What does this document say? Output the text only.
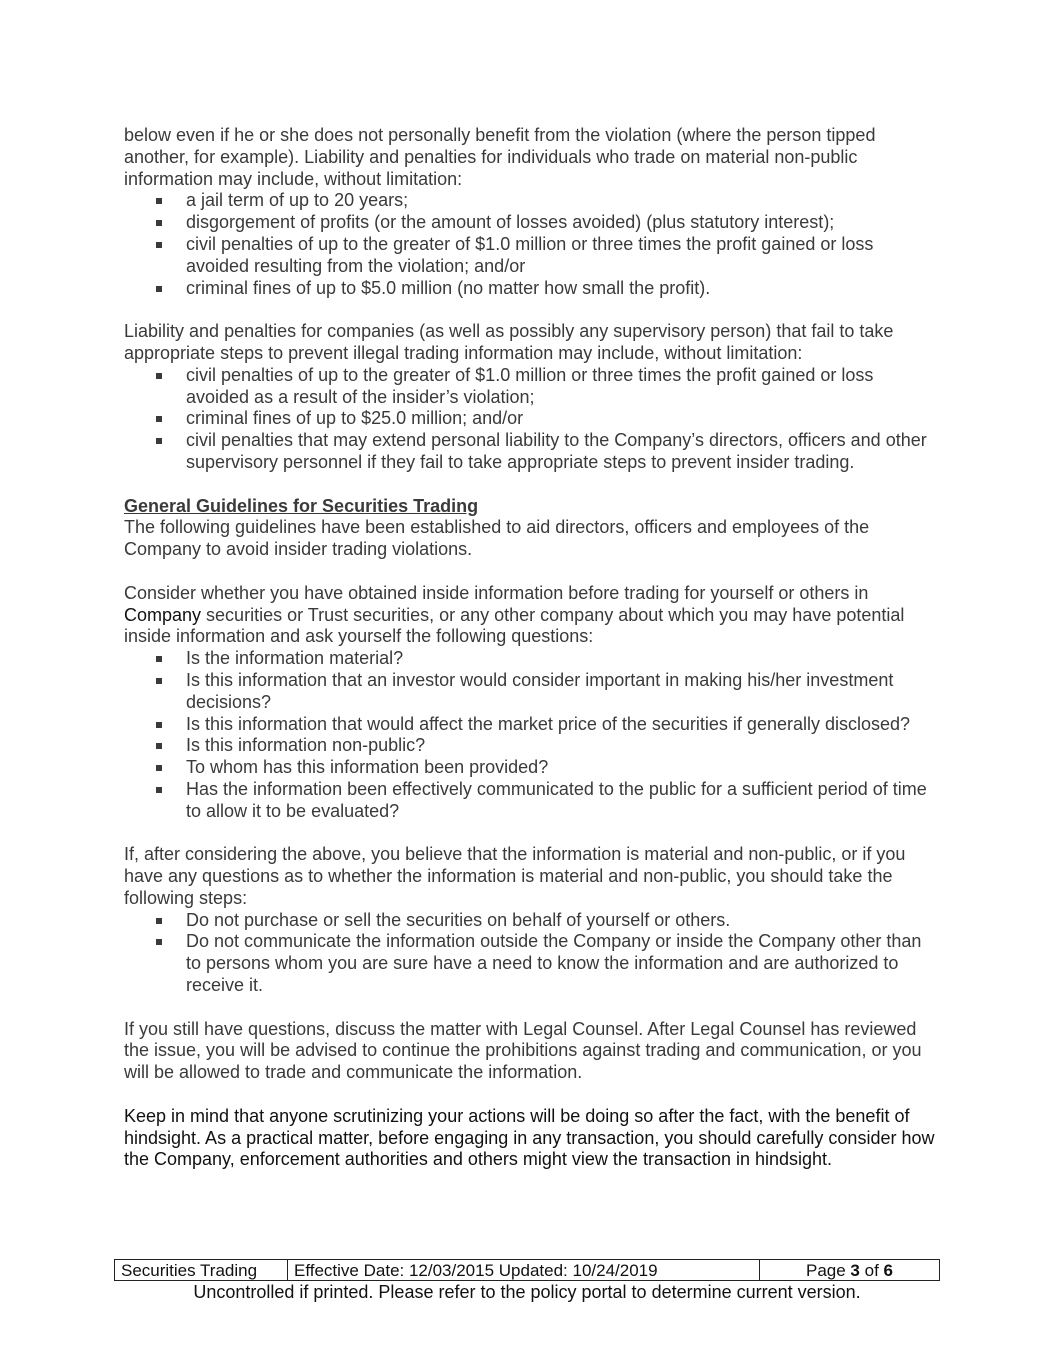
below even if he or she does not personally benefit from the violation (where the person tipped another, for example). Liability and penalties for individuals who trade on material non-public information may include, without limitation:

a jail term of up to 20 years;
disgorgement of profits (or the amount of losses avoided) (plus statutory interest);
civil penalties of up to the greater of $1.0 million or three times the profit gained or loss avoided resulting from the violation; and/or
criminal fines of up to $5.0 million (no matter how small the profit).

Liability and penalties for companies (as well as possibly any supervisory person) that fail to take appropriate steps to prevent illegal trading information may include, without limitation:

civil penalties of up to the greater of $1.0 million or three times the profit gained or loss avoided as a result of the insider’s violation;
criminal fines of up to $25.0 million; and/or
civil penalties that may extend personal liability to the Company’s directors, officers and other supervisory personnel if they fail to take appropriate steps to prevent insider trading.

General Guidelines for Securities Trading

The following guidelines have been established to aid directors, officers and employees of the Company to avoid insider trading violations.

Consider whether you have obtained inside information before trading for yourself or others in Company securities or Trust securities, or any other company about which you may have potential inside information and ask yourself the following questions:

Is the information material?
Is this information that an investor would consider important in making his/her investment decisions?
Is this information that would affect the market price of the securities if generally disclosed?
Is this information non-public?
To whom has this information been provided?
Has the information been effectively communicated to the public for a sufficient period of time to allow it to be evaluated?

If, after considering the above, you believe that the information is material and non-public, or if you have any questions as to whether the information is material and non-public, you should take the following steps:

Do not purchase or sell the securities on behalf of yourself or others.
Do not communicate the information outside the Company or inside the Company other than to persons whom you are sure have a need to know the information and are authorized to receive it.

If you still have questions, discuss the matter with Legal Counsel. After Legal Counsel has reviewed the issue, you will be advised to continue the prohibitions against trading and communication, or you will be allowed to trade and communicate the information.

Keep in mind that anyone scrutinizing your actions will be doing so after the fact, with the benefit of hindsight. As a practical matter, before engaging in any transaction, you should carefully consider how the Company, enforcement authorities and others might view the transaction in hindsight.

Securities Trading	Effective Date: 12/03/2015 Updated: 10/24/2019	Page 3 of 6
Uncontrolled if printed. Please refer to the policy portal to determine current version.
